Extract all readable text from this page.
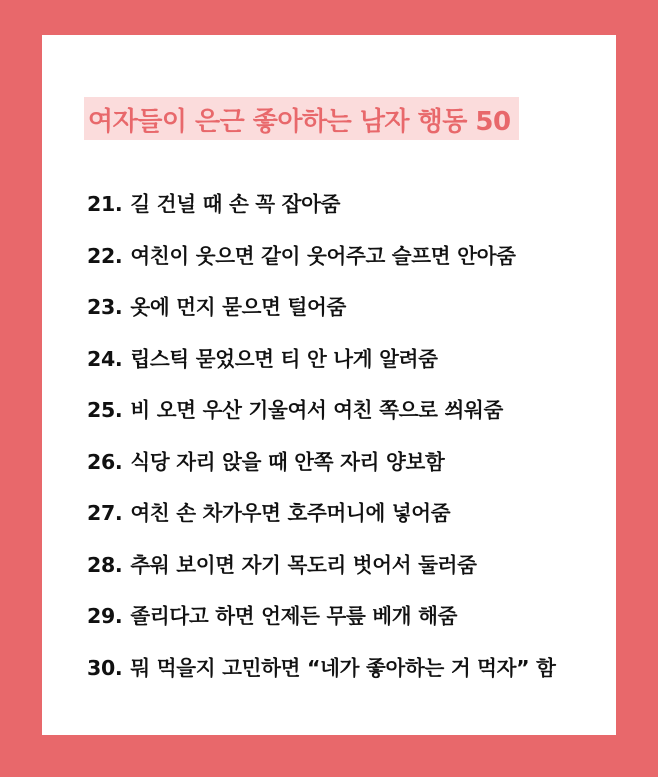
여자들이 은근 좋아하는 남자 행동 50
21. 길 건널 때 손 꼭 잡아줌
22. 여친이 웃으면 같이 웃어주고 슬프면 안아줌
23. 옷에 먼지 묻으면 털어줌
24. 립스틱 묻었으면 티 안 나게 알려줌
25. 비 오면 우산 기울여서 여친 쪽으로 씌워줌
26. 식당 자리 앉을 때 안쪽 자리 양보함
27. 여친 손 차가우면 호주머니에 넣어줌
28. 추워 보이면 자기 목도리 벗어서 둘러줌
29. 졸리다고 하면 언제든 무릎 베개 해줌
30. 뭐 먹을지 고민하면 “네가 좋아하는 거 먹자” 함
